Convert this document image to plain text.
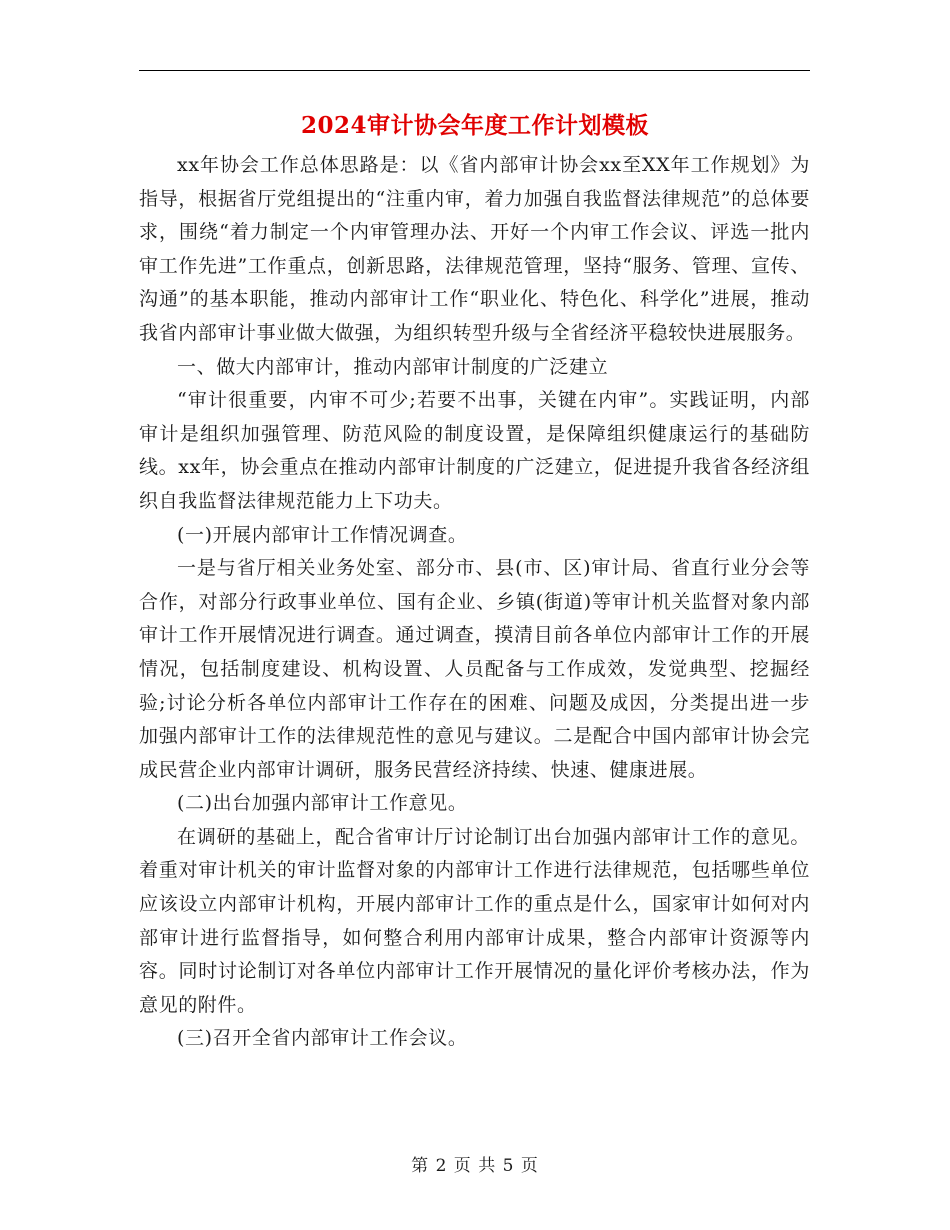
2024审计协会年度工作计划模板

xx年协会工作总体思路是：以《省内部审计协会xx至XX年工作规划》为指导，根据省厅党组提出的“注重内审，着力加强自我监督法律规范”的总体要求，围绕“着力制定一个内审管理办法、开好一个内审工作会议、评选一批内审工作先进”工作重点，创新思路，法律规范管理，坚持“服务、管理、宣传、沟通”的基本职能，推动内部审计工作“职业化、特色化、科学化”进展，推动我省内部审计事业做大做强，为组织转型升级与全省经济平稳较快进展服务。

一、做大内部审计，推动内部审计制度的广泛建立

“审计很重要，内审不可少;若要不出事，关键在内审”。实践证明，内部审计是组织加强管理、防范风险的制度设置，是保障组织健康运行的基础防线。xx年，协会重点在推动内部审计制度的广泛建立，促进提升我省各经济组织自我监督法律规范能力上下功夫。

(一)开展内部审计工作情况调查。

一是与省厅相关业务处室、部分市、县(市、区)审计局、省直行业分会等合作，对部分行政事业单位、国有企业、乡镇(街道)等审计机关监督对象内部审计工作开展情况进行调查。通过调查，摸清目前各单位内部审计工作的开展情况，包括制度建设、机构设置、人员配备与工作成效，发觉典型、挖掘经验;讨论分析各单位内部审计工作存在的困难、问题及成因，分类提出进一步加强内部审计工作的法律规范性的意见与建议。二是配合中国内部审计协会完成民营企业内部审计调研，服务民营经济持续、快速、健康进展。

(二)出台加强内部审计工作意见。

在调研的基础上，配合省审计厅讨论制订出台加强内部审计工作的意见。着重对审计机关的审计监督对象的内部审计工作进行法律规范，包括哪些单位应该设立内部审计机构，开展内部审计工作的重点是什么，国家审计如何对内部审计进行监督指导，如何整合利用内部审计成果，整合内部审计资源等内容。同时讨论制订对各单位内部审计工作开展情况的量化评价考核办法，作为意见的附件。

(三)召开全省内部审计工作会议。

第 2 页 共 5 页
